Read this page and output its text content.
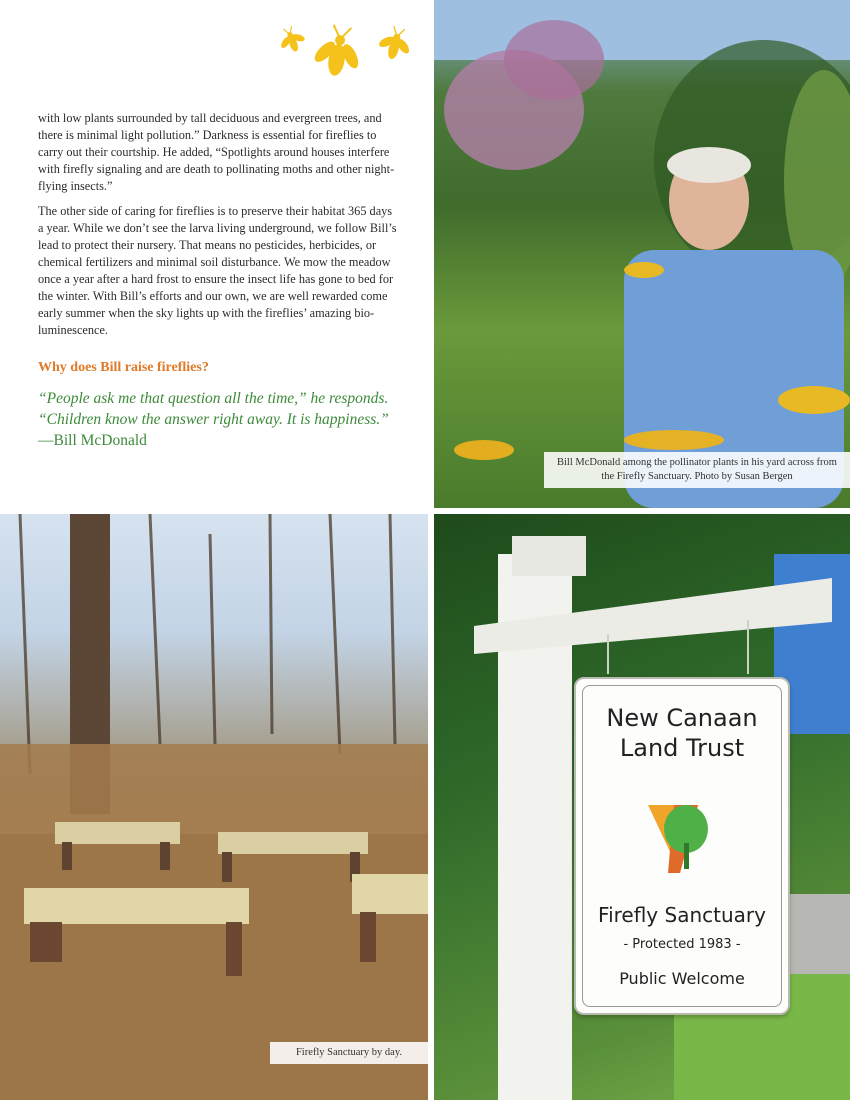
with low plants surrounded by tall deciduous and evergreen trees, and there is minimal light pollution.” Darkness is essential for fireflies to carry out their courtship. He added, “Spotlights around houses interfere with firefly signaling and are death to pollinating moths and other night-flying insects.”

The other side of caring for fireflies is to preserve their habitat 365 days a year. While we don’t see the larva living underground, we follow Bill’s lead to protect their nursery. That means no pesticides, herbicides, or chemical fertilizers and minimal soil disturbance. We mow the meadow once a year after a hard frost to ensure the insect life has gone to bed for the winter. With Bill’s efforts and our own, we are well rewarded come early summer when the sky lights up with the fireflies’ amazing bio-luminescence.

Why does Bill raise fireflies?
“People ask me that question all the time,” he responds. “Children know the answer right away. It is happiness.” —Bill McDonald
Bill McDonald among the pollinator plants in his yard across from the Firefly Sanctuary. Photo by Susan Bergen
Firefly Sanctuary by day.
New Canaan
Land Trust
Firefly Sanctuary
- Protected 1983 -
Public Welcome
